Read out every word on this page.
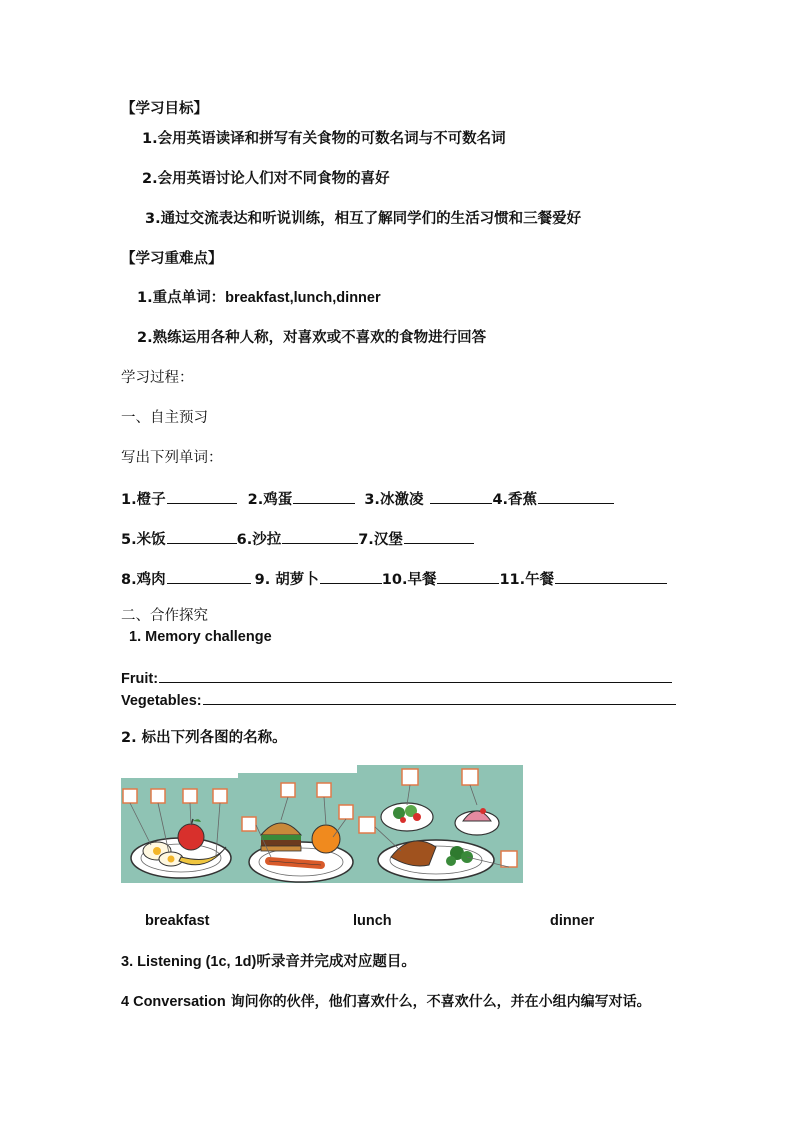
【学习目标】
1.会用英语读译和拼写有关食物的可数名词与不可数名词
2.会用英语讨论人们对不同食物的喜好
3.通过交流表达和听说训练，相互了解同学们的生活习惯和三餐爱好
【学习重难点】
1.重点单词：breakfast,lunch,dinner
2.熟练运用各种人称，对喜欢或不喜欢的食物进行回答
学习过程：
一、自主预习
写出下列单词：
1.橙子	2.鸡蛋	3.冰激凌	4.香蕉
5.米饭	6.沙拉	7.汉堡
8.鸡肉	9. 胡萝卜	10.早餐	11.午餐
二、合作探究
1. Memory challenge
Fruit:
Vegetables:
2. 标出下列各图的名称。
breakfast	lunch	dinner
3. Listening (1c, 1d)听录音并完成对应题目。
4 Conversation 询问你的伙伴，他们喜欢什么，不喜欢什么，并在小组内编写对话。
